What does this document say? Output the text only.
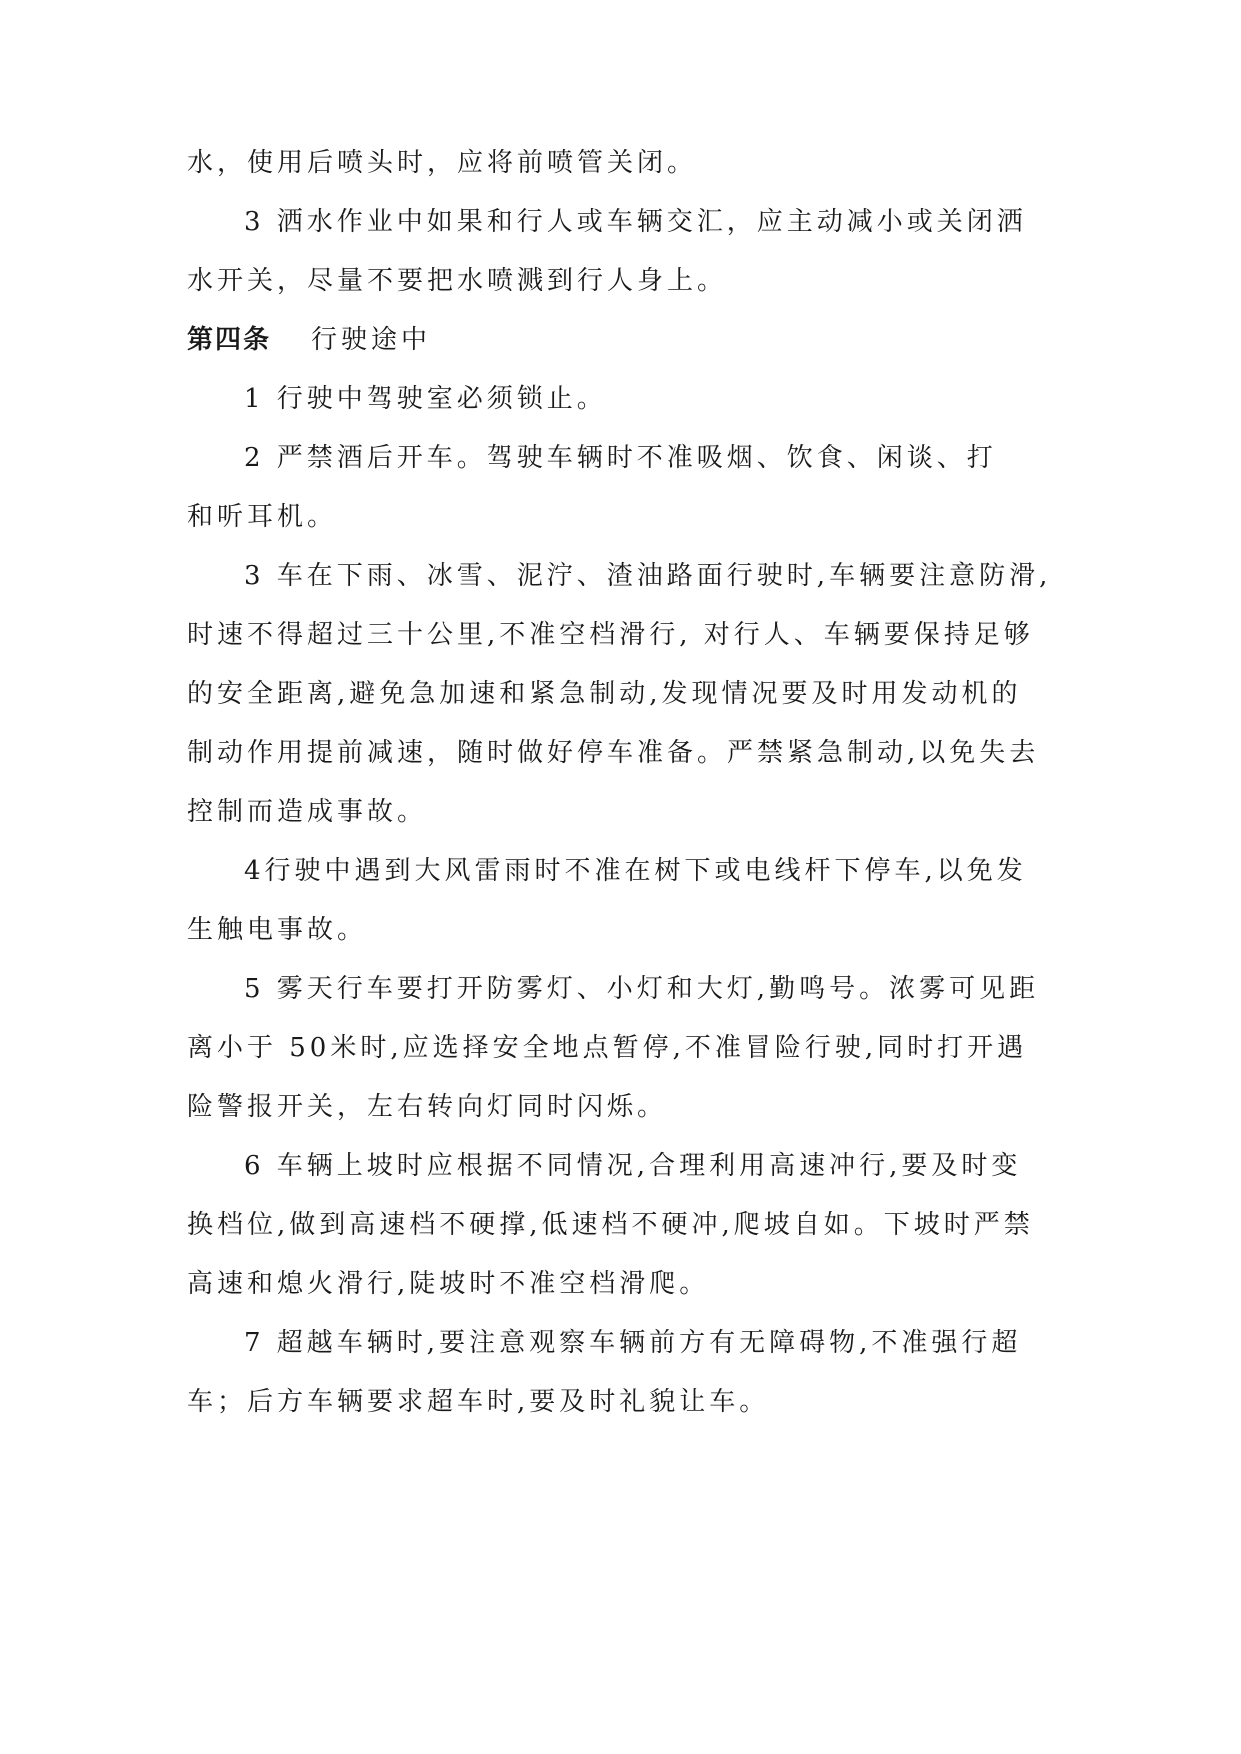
水，使用后喷头时，应将前喷管关闭。
3 洒水作业中如果和行人或车辆交汇，应主动减小或关闭洒
水开关，尽量不要把水喷溅到行人身上。
第四条 行驶途中
1 行驶中驾驶室必须锁止。
2 严禁酒后开车。驾驶车辆时不准吸烟、饮食、闲谈、打
和听耳机。
3 车在下雨、冰雪、泥泞、渣油路面行驶时,车辆要注意防滑,
时速不得超过三十公里,不准空档滑行, 对行人、车辆要保持足够
的安全距离,避免急加速和紧急制动,发现情况要及时用发动机的
制动作用提前减速，随时做好停车准备。严禁紧急制动,以免失去
控制而造成事故。
4行驶中遇到大风雷雨时不准在树下或电线杆下停车,以免发
生触电事故。
5 雾天行车要打开防雾灯、小灯和大灯,勤鸣号。浓雾可见距
离小于 50米时,应选择安全地点暂停,不准冒险行驶,同时打开遇
险警报开关，左右转向灯同时闪烁。
6 车辆上坡时应根据不同情况,合理利用高速冲行,要及时变
换档位,做到高速档不硬撑,低速档不硬冲,爬坡自如。下坡时严禁
高速和熄火滑行,陡坡时不准空档滑爬。
7 超越车辆时,要注意观察车辆前方有无障碍物,不准强行超
车；后方车辆要求超车时,要及时礼貌让车。
